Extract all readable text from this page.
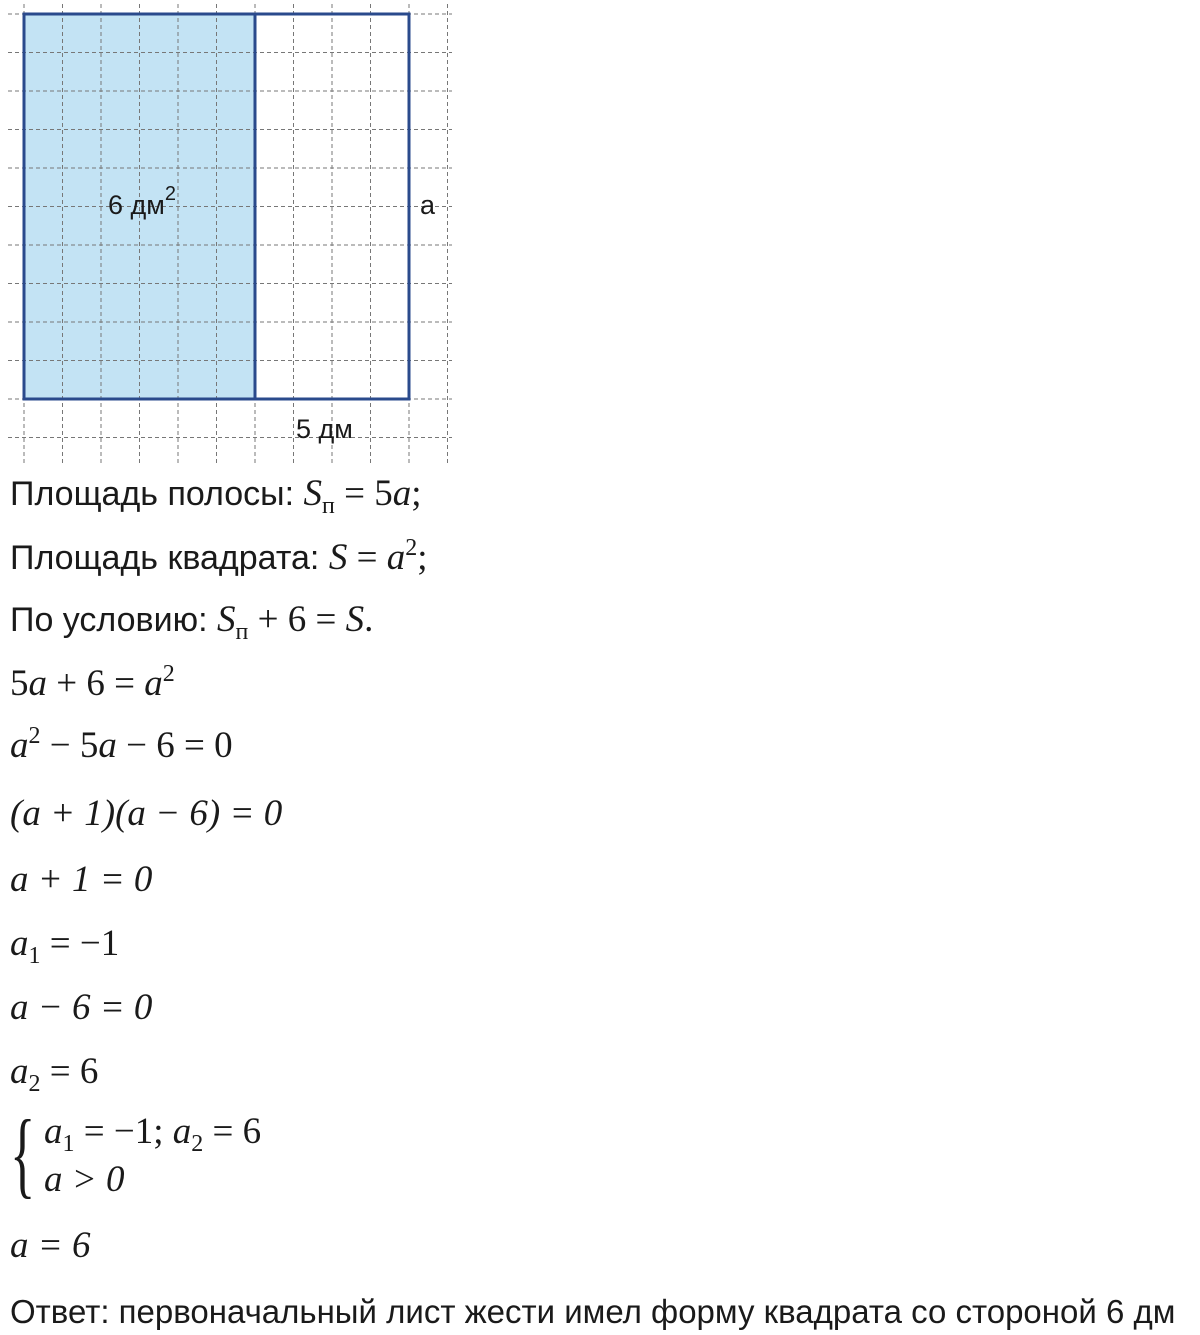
6 $дм^2$	a
5 дм
Площадь полосы: $S_п = 5a$;
Площадь квадрата: $S = a^2$;
По условию: $S_п + 6 = S$.
$5a + 6 = a^2$
$a^2 - 5a - 6 = 0$
(a + 1)(a − 6) = 0
a + 1 = 0
$a_1 = -1$
a − 6 = 0
$a_2 = 6$
{ $a_1 = -1$; $a_2 = 6$
a > 0
a = 6
Ответ: первоначальный лист жести имел форму квадрата со стороной 6 дм
